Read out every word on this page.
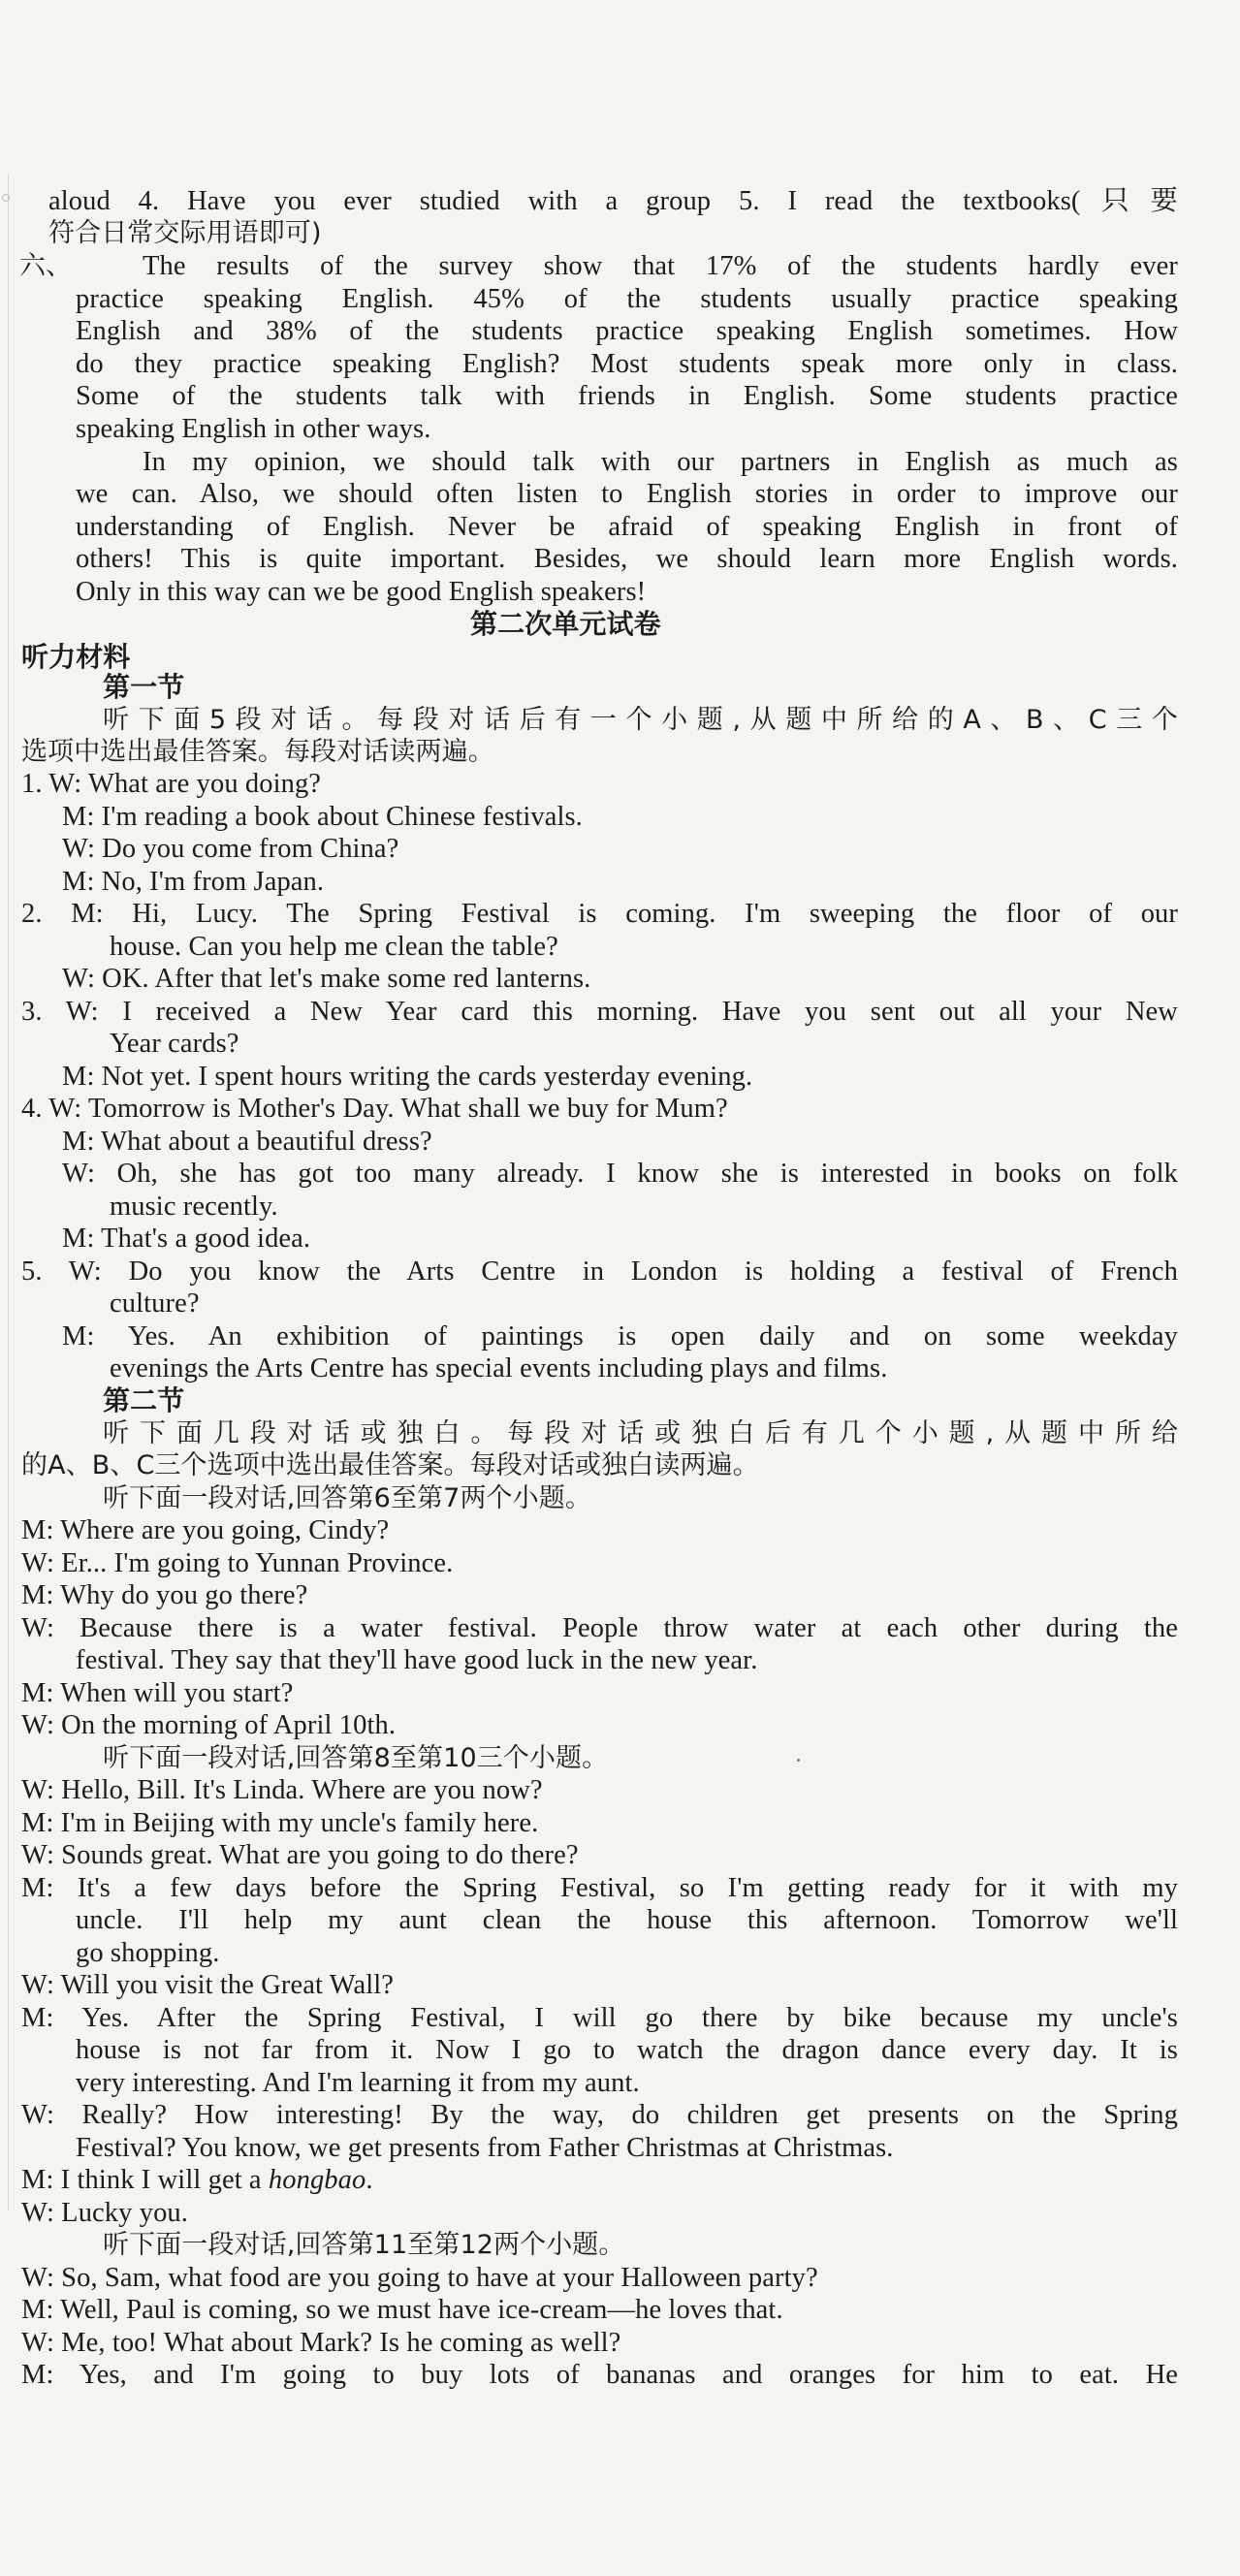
aloud 4. Have you ever studied with a group 5. I read the textbooks(只要
符合日常交际用语即可)
六、	The results of the survey show that 17% of the students hardly ever
practice speaking English. 45% of the students usually practice speaking
English and 38% of the students practice speaking English sometimes. How
do they practice speaking English? Most students speak more only in class.
Some of the students talk with friends in English. Some students practice
speaking English in other ways.
In my opinion, we should talk with our partners in English as much as
we can. Also, we should often listen to English stories in order to improve our
understanding of English. Never be afraid of speaking English in front of
others! This is quite important. Besides, we should learn more English words.
Only in this way can we be good English speakers!
第二次单元试卷
听力材料
第一节
听下面5段对话。每段对话后有一个小题,从题中所给的A、B、C三个
选项中选出最佳答案。每段对话读两遍。
1. W: What are you doing?
M: I'm reading a book about Chinese festivals.
W: Do you come from China?
M: No, I'm from Japan.
2. M: Hi, Lucy. The Spring Festival is coming. I'm sweeping the floor of our
house. Can you help me clean the table?
W: OK. After that let's make some red lanterns.
3. W: I received a New Year card this morning. Have you sent out all your New
Year cards?
M: Not yet. I spent hours writing the cards yesterday evening.
4. W: Tomorrow is Mother's Day. What shall we buy for Mum?
M: What about a beautiful dress?
W: Oh, she has got too many already. I know she is interested in books on folk
music recently.
M: That's a good idea.
5. W: Do you know the Arts Centre in London is holding a festival of French
culture?
M: Yes. An exhibition of paintings is open daily and on some weekday
evenings the Arts Centre has special events including plays and films.
第二节
听下面几段对话或独白。每段对话或独白后有几个小题,从题中所给
的A、B、C三个选项中选出最佳答案。每段对话或独白读两遍。
听下面一段对话,回答第6至第7两个小题。
M: Where are you going, Cindy?
W: Er... I'm going to Yunnan Province.
M: Why do you go there?
W: Because there is a water festival. People throw water at each other during the
festival. They say that they'll have good luck in the new year.
M: When will you start?
W: On the morning of April 10th.
听下面一段对话,回答第8至第10三个小题。
W: Hello, Bill. It's Linda. Where are you now?
M: I'm in Beijing with my uncle's family here.
W: Sounds great. What are you going to do there?
M: It's a few days before the Spring Festival, so I'm getting ready for it with my
uncle. I'll help my aunt clean the house this afternoon. Tomorrow we'll
go shopping.
W: Will you visit the Great Wall?
M: Yes. After the Spring Festival, I will go there by bike because my uncle's
house is not far from it. Now I go to watch the dragon dance every day. It is
very interesting. And I'm learning it from my aunt.
W: Really? How interesting! By the way, do children get presents on the Spring
Festival? You know, we get presents from Father Christmas at Christmas.
M: I think I will get a hongbao.
W: Lucky you.
听下面一段对话,回答第11至第12两个小题。
W: So, Sam, what food are you going to have at your Halloween party?
M: Well, Paul is coming, so we must have ice-cream—he loves that.
W: Me, too! What about Mark? Is he coming as well?
M: Yes, and I'm going to buy lots of bananas and oranges for him to eat. He
